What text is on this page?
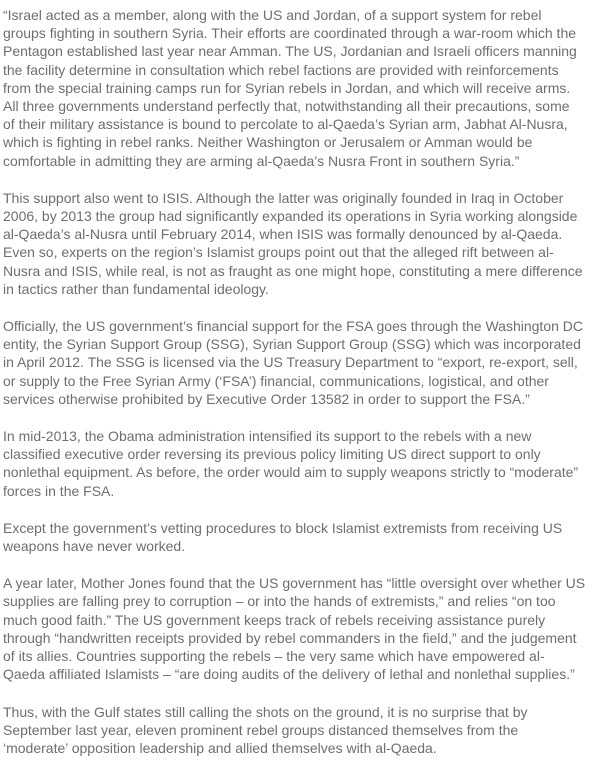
“Israel acted as a member, along with the US and Jordan, of a support system for rebel
groups fighting in southern Syria. Their efforts are coordinated through a war-room which the
Pentagon established last year near Amman. The US, Jordanian and Israeli officers manning
the facility determine in consultation which rebel factions are provided with reinforcements
from the special training camps run for Syrian rebels in Jordan, and which will receive arms.
All three governments understand perfectly that, notwithstanding all their precautions, some
of their military assistance is bound to percolate to al-Qaeda’s Syrian arm, Jabhat Al-Nusra,
which is fighting in rebel ranks. Neither Washington or Jerusalem or Amman would be
comfortable in admitting they are arming al-Qaeda’s Nusra Front in southern Syria.”

This support also went to ISIS. Although the latter was originally founded in Iraq in October
2006, by 2013 the group had significantly expanded its operations in Syria working alongside
al-Qaeda’s al-Nusra until February 2014, when ISIS was formally denounced by al-Qaeda.
Even so, experts on the region’s Islamist groups point out that the alleged rift between al-
Nusra and ISIS, while real, is not as fraught as one might hope, constituting a mere difference
in tactics rather than fundamental ideology.

Officially, the US government’s financial support for the FSA goes through the Washington DC
entity, the Syrian Support Group (SSG), Syrian Support Group (SSG) which was incorporated
in April 2012. The SSG is licensed via the US Treasury Department to “export, re-export, sell,
or supply to the Free Syrian Army (‘FSA’) financial, communications, logistical, and other
services otherwise prohibited by Executive Order 13582 in order to support the FSA.”

In mid-2013, the Obama administration intensified its support to the rebels with a new
classified executive order reversing its previous policy limiting US direct support to only
nonlethal equipment. As before, the order would aim to supply weapons strictly to “moderate”
forces in the FSA.

Except the government’s vetting procedures to block Islamist extremists from receiving US
weapons have never worked.

A year later, Mother Jones found that the US government has “little oversight over whether US
supplies are falling prey to corruption – or into the hands of extremists,” and relies “on too
much good faith.” The US government keeps track of rebels receiving assistance purely
through “handwritten receipts provided by rebel commanders in the field,” and the judgement
of its allies. Countries supporting the rebels – the very same which have empowered al-
Qaeda affiliated Islamists – “are doing audits of the delivery of lethal and nonlethal supplies.”

Thus, with the Gulf states still calling the shots on the ground, it is no surprise that by
September last year, eleven prominent rebel groups distanced themselves from the
‘moderate’ opposition leadership and allied themselves with al-Qaeda.
